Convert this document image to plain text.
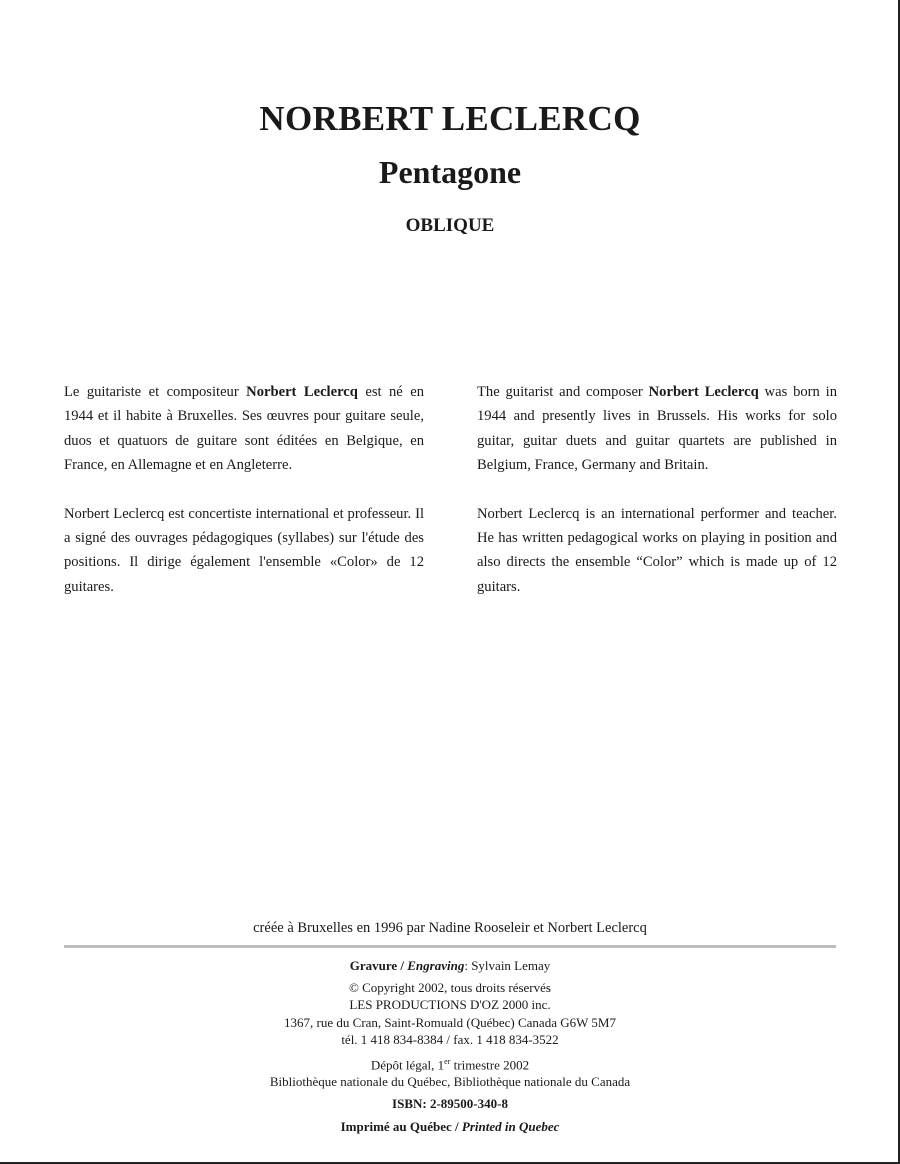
NORBERT LECLERCQ
Pentagone
OBLIQUE

Le guitariste et compositeur Norbert Leclercq est né en 1944 et il habite à Bruxelles. Ses œuvres pour guitare seule, duos et quatuors de guitare sont éditées en Belgique, en France, en Allemagne et en Angleterre.

Norbert Leclercq est concertiste international et professeur. Il a signé des ouvrages pédagogiques (syllabes) sur l'étude des positions. Il dirige également l'ensemble «Color» de 12 guitares.

The guitarist and composer Norbert Leclercq was born in 1944 and presently lives in Brussels. His works for solo guitar, guitar duets and guitar quartets are published in Belgium, France, Germany and Britain.

Norbert Leclercq is an international performer and teacher. He has written pedagogical works on playing in position and also directs the ensemble “Color” which is made up of 12 guitars.

créée à Bruxelles en 1996 par Nadine Rooseleir et Norbert Leclercq
Gravure / Engraving: Sylvain Lemay
© Copyright 2002, tous droits réservés
LES PRODUCTIONS D'OZ 2000 inc.
1367, rue du Cran, Saint-Romuald (Québec) Canada G6W 5M7
tél. 1 418 834-8384 / fax. 1 418 834-3522
Dépôt légal, 1er trimestre 2002
Bibliothèque nationale du Québec, Bibliothèque nationale du Canada
ISBN: 2-89500-340-8
Imprimé au Québec / Printed in Quebec
